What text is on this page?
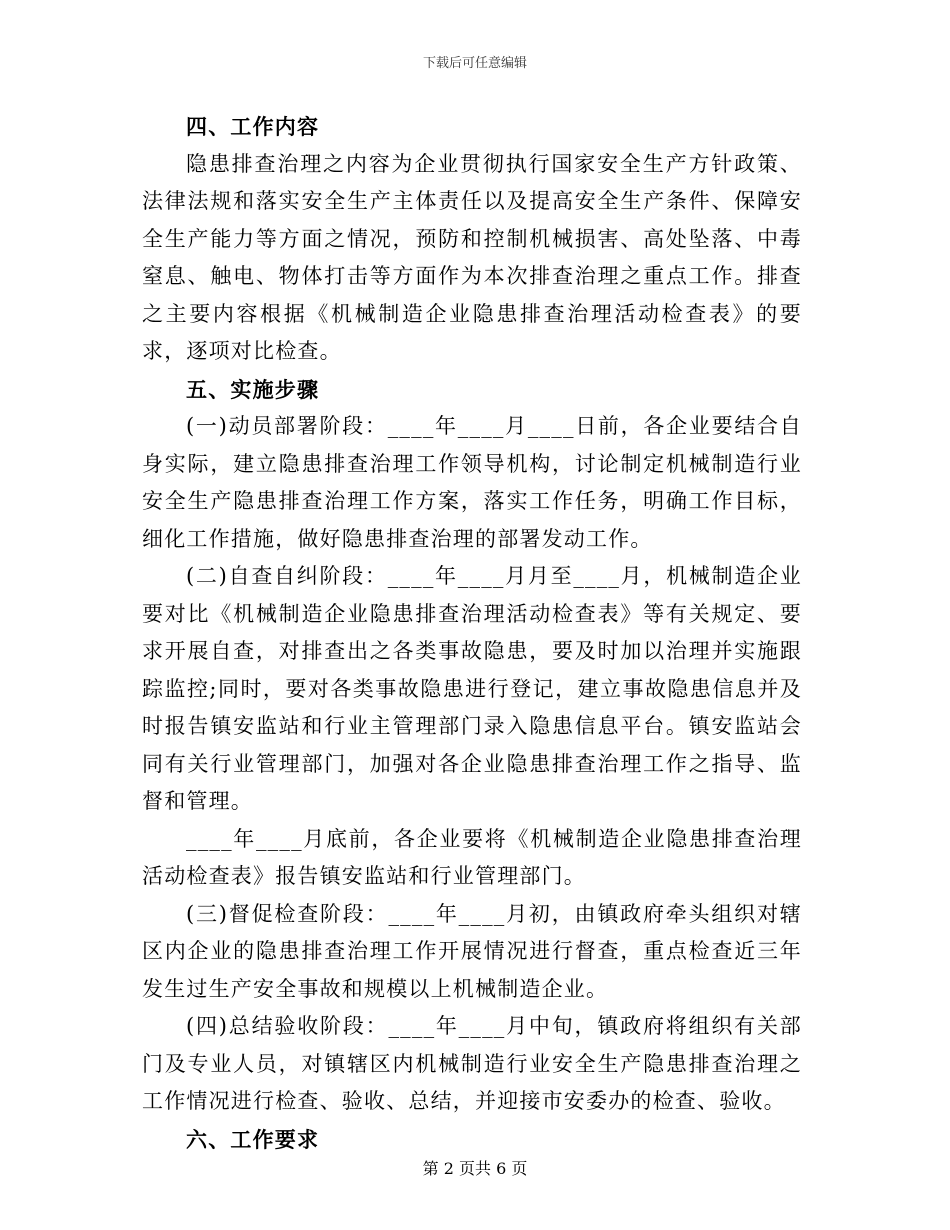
下载后可任意编辑

四、工作内容

隐患排查治理之内容为企业贯彻执行国家安全生产方针政策、法律法规和落实安全生产主体责任以及提高安全生产条件、保障安全生产能力等方面之情况，预防和控制机械损害、高处坠落、中毒窒息、触电、物体打击等方面作为本次排查治理之重点工作。排查之主要内容根据《机械制造企业隐患排查治理活动检查表》的要求，逐项对比检查。

五、实施步骤

(一)动员部署阶段：____年____月____日前，各企业要结合自身实际，建立隐患排查治理工作领导机构，讨论制定机械制造行业安全生产隐患排查治理工作方案，落实工作任务，明确工作目标，细化工作措施，做好隐患排查治理的部署发动工作。

(二)自查自纠阶段：____年____月月至____月，机械制造企业要对比《机械制造企业隐患排查治理活动检查表》等有关规定、要求开展自查，对排查出之各类事故隐患，要及时加以治理并实施跟踪监控;同时，要对各类事故隐患进行登记，建立事故隐患信息并及时报告镇安监站和行业主管理部门录入隐患信息平台。镇安监站会同有关行业管理部门，加强对各企业隐患排查治理工作之指导、监督和管理。

____年____月底前，各企业要将《机械制造企业隐患排查治理活动检查表》报告镇安监站和行业管理部门。

(三)督促检查阶段：____年____月初，由镇政府牵头组织对辖区内企业的隐患排查治理工作开展情况进行督查，重点检查近三年发生过生产安全事故和规模以上机械制造企业。

(四)总结验收阶段：____年____月中旬，镇政府将组织有关部门及专业人员，对镇辖区内机械制造行业安全生产隐患排查治理之工作情况进行检查、验收、总结，并迎接市安委办的检查、验收。

六、工作要求

第 2 页共 6 页
